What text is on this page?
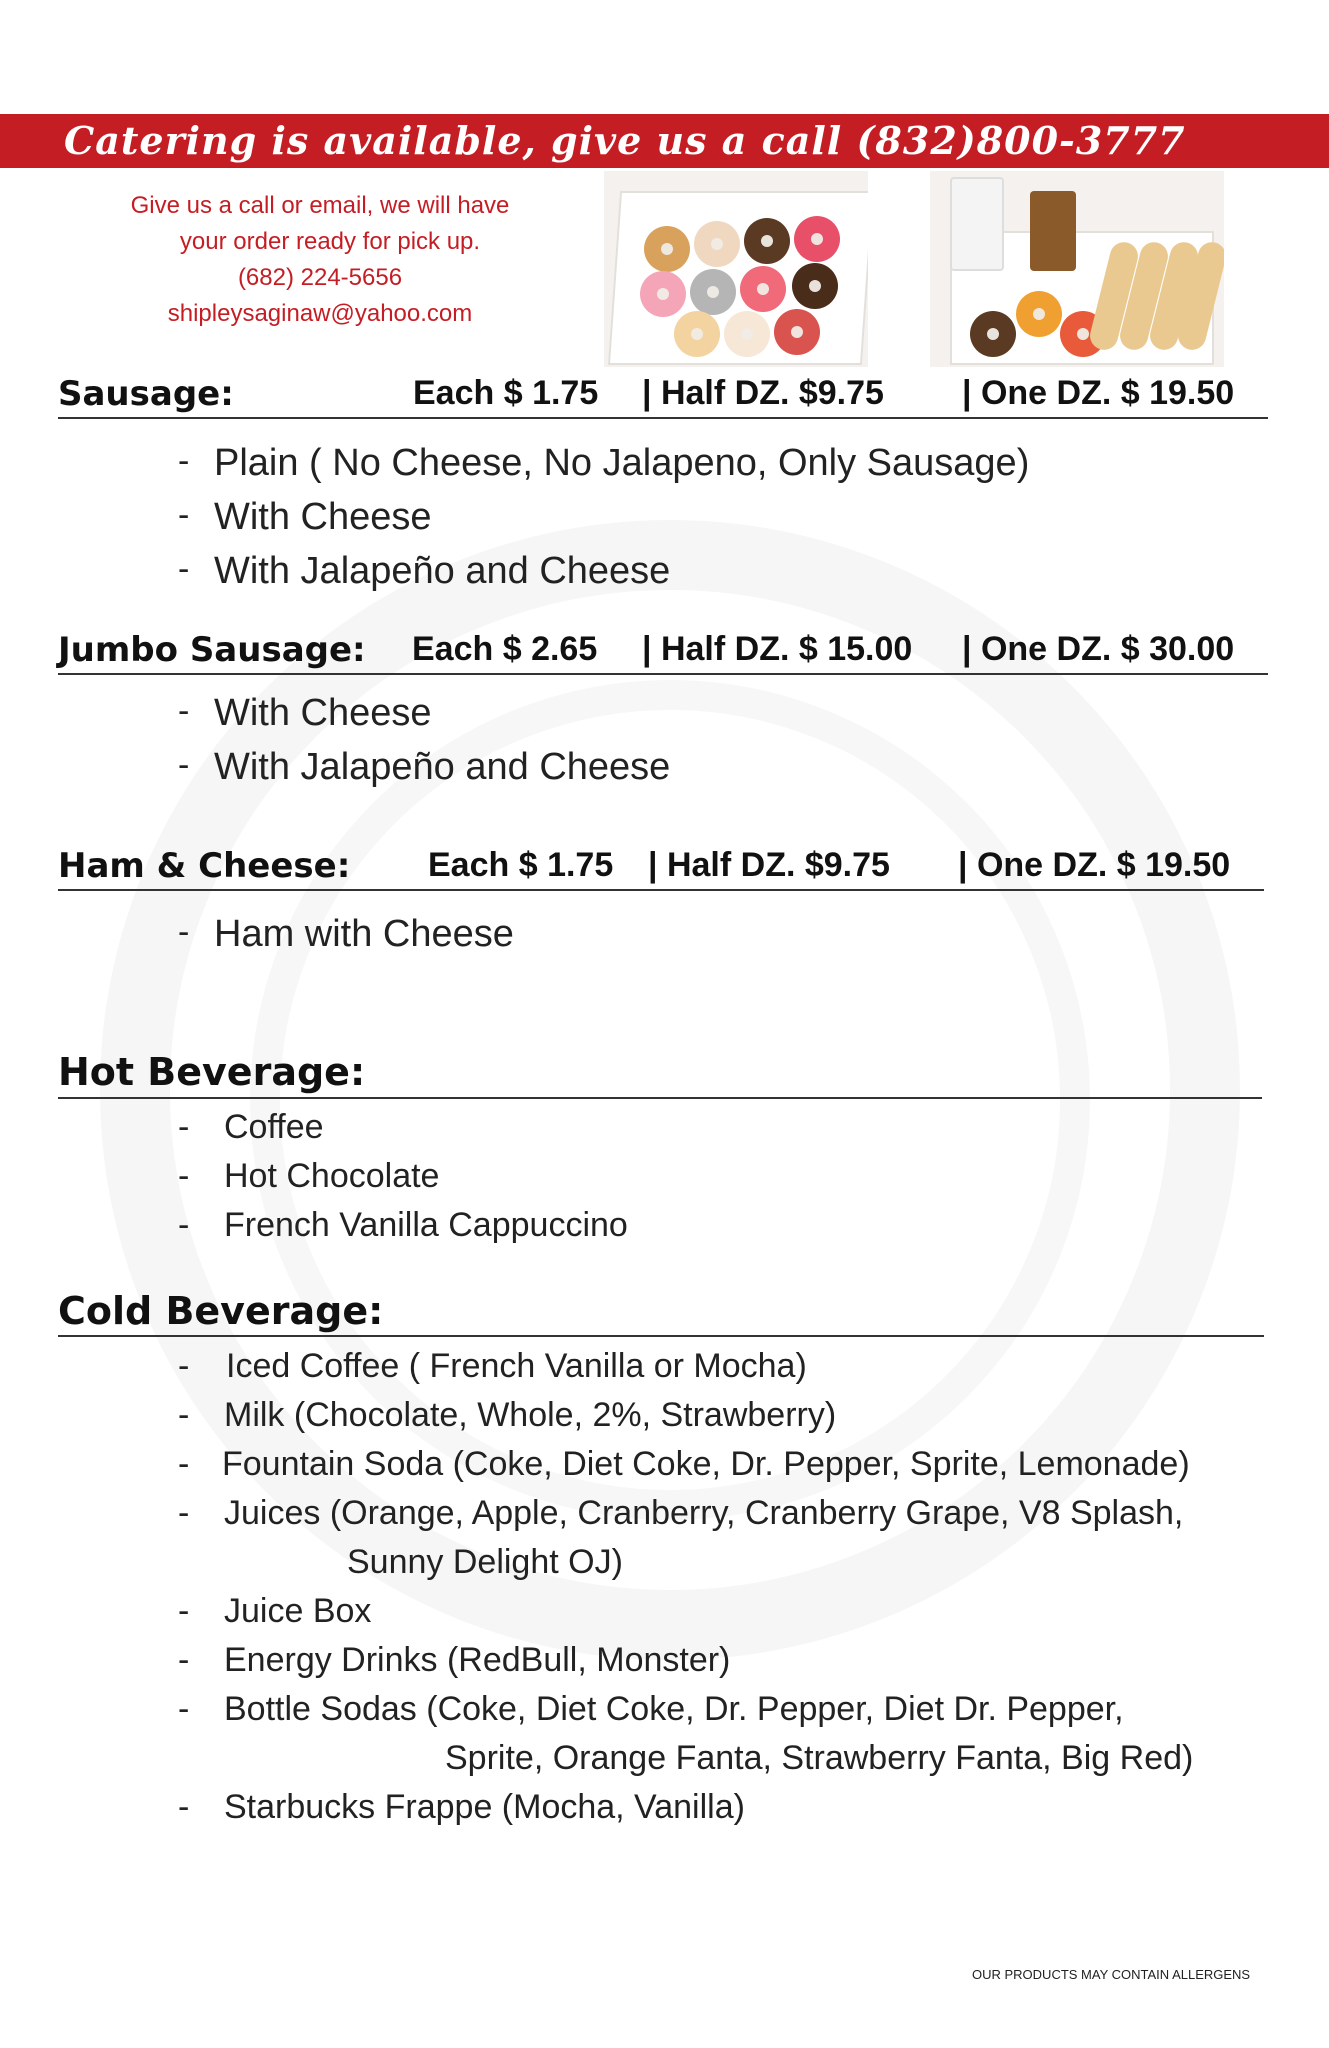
Catering is available, give us a call (832)800-3777
Give us a call or email, we will have
your order ready for pick up.
(682) 224-5656
shipleysaginaw@yahoo.com
Sausage:	Each $ 1.75 | Half DZ. $9.75 | One DZ. $ 19.50
- Plain ( No Cheese, No Jalapeno, Only Sausage)
- With Cheese
- With Jalapeño and Cheese
Jumbo Sausage: Each $ 2.65 | Half DZ. $ 15.00 | One DZ. $ 30.00
- With Cheese
- With Jalapeño and Cheese
Ham & Cheese: Each $ 1.75 | Half DZ. $9.75 | One DZ. $ 19.50
- Ham with Cheese
Hot Beverage:
- Coffee
- Hot Chocolate
- French Vanilla Cappuccino
Cold Beverage:
- Iced Coffee ( French Vanilla or Mocha)
- Milk (Chocolate, Whole, 2%, Strawberry)
- Fountain Soda (Coke, Diet Coke, Dr. Pepper, Sprite, Lemonade)
- Juices (Orange, Apple, Cranberry, Cranberry Grape, V8 Splash,
Sunny Delight OJ)
- Juice Box
- Energy Drinks (RedBull, Monster)
- Bottle Sodas (Coke, Diet Coke, Dr. Pepper, Diet Dr. Pepper,
Sprite, Orange Fanta, Strawberry Fanta, Big Red)
- Starbucks Frappe (Mocha, Vanilla)
OUR PRODUCTS MAY CONTAIN ALLERGENS
